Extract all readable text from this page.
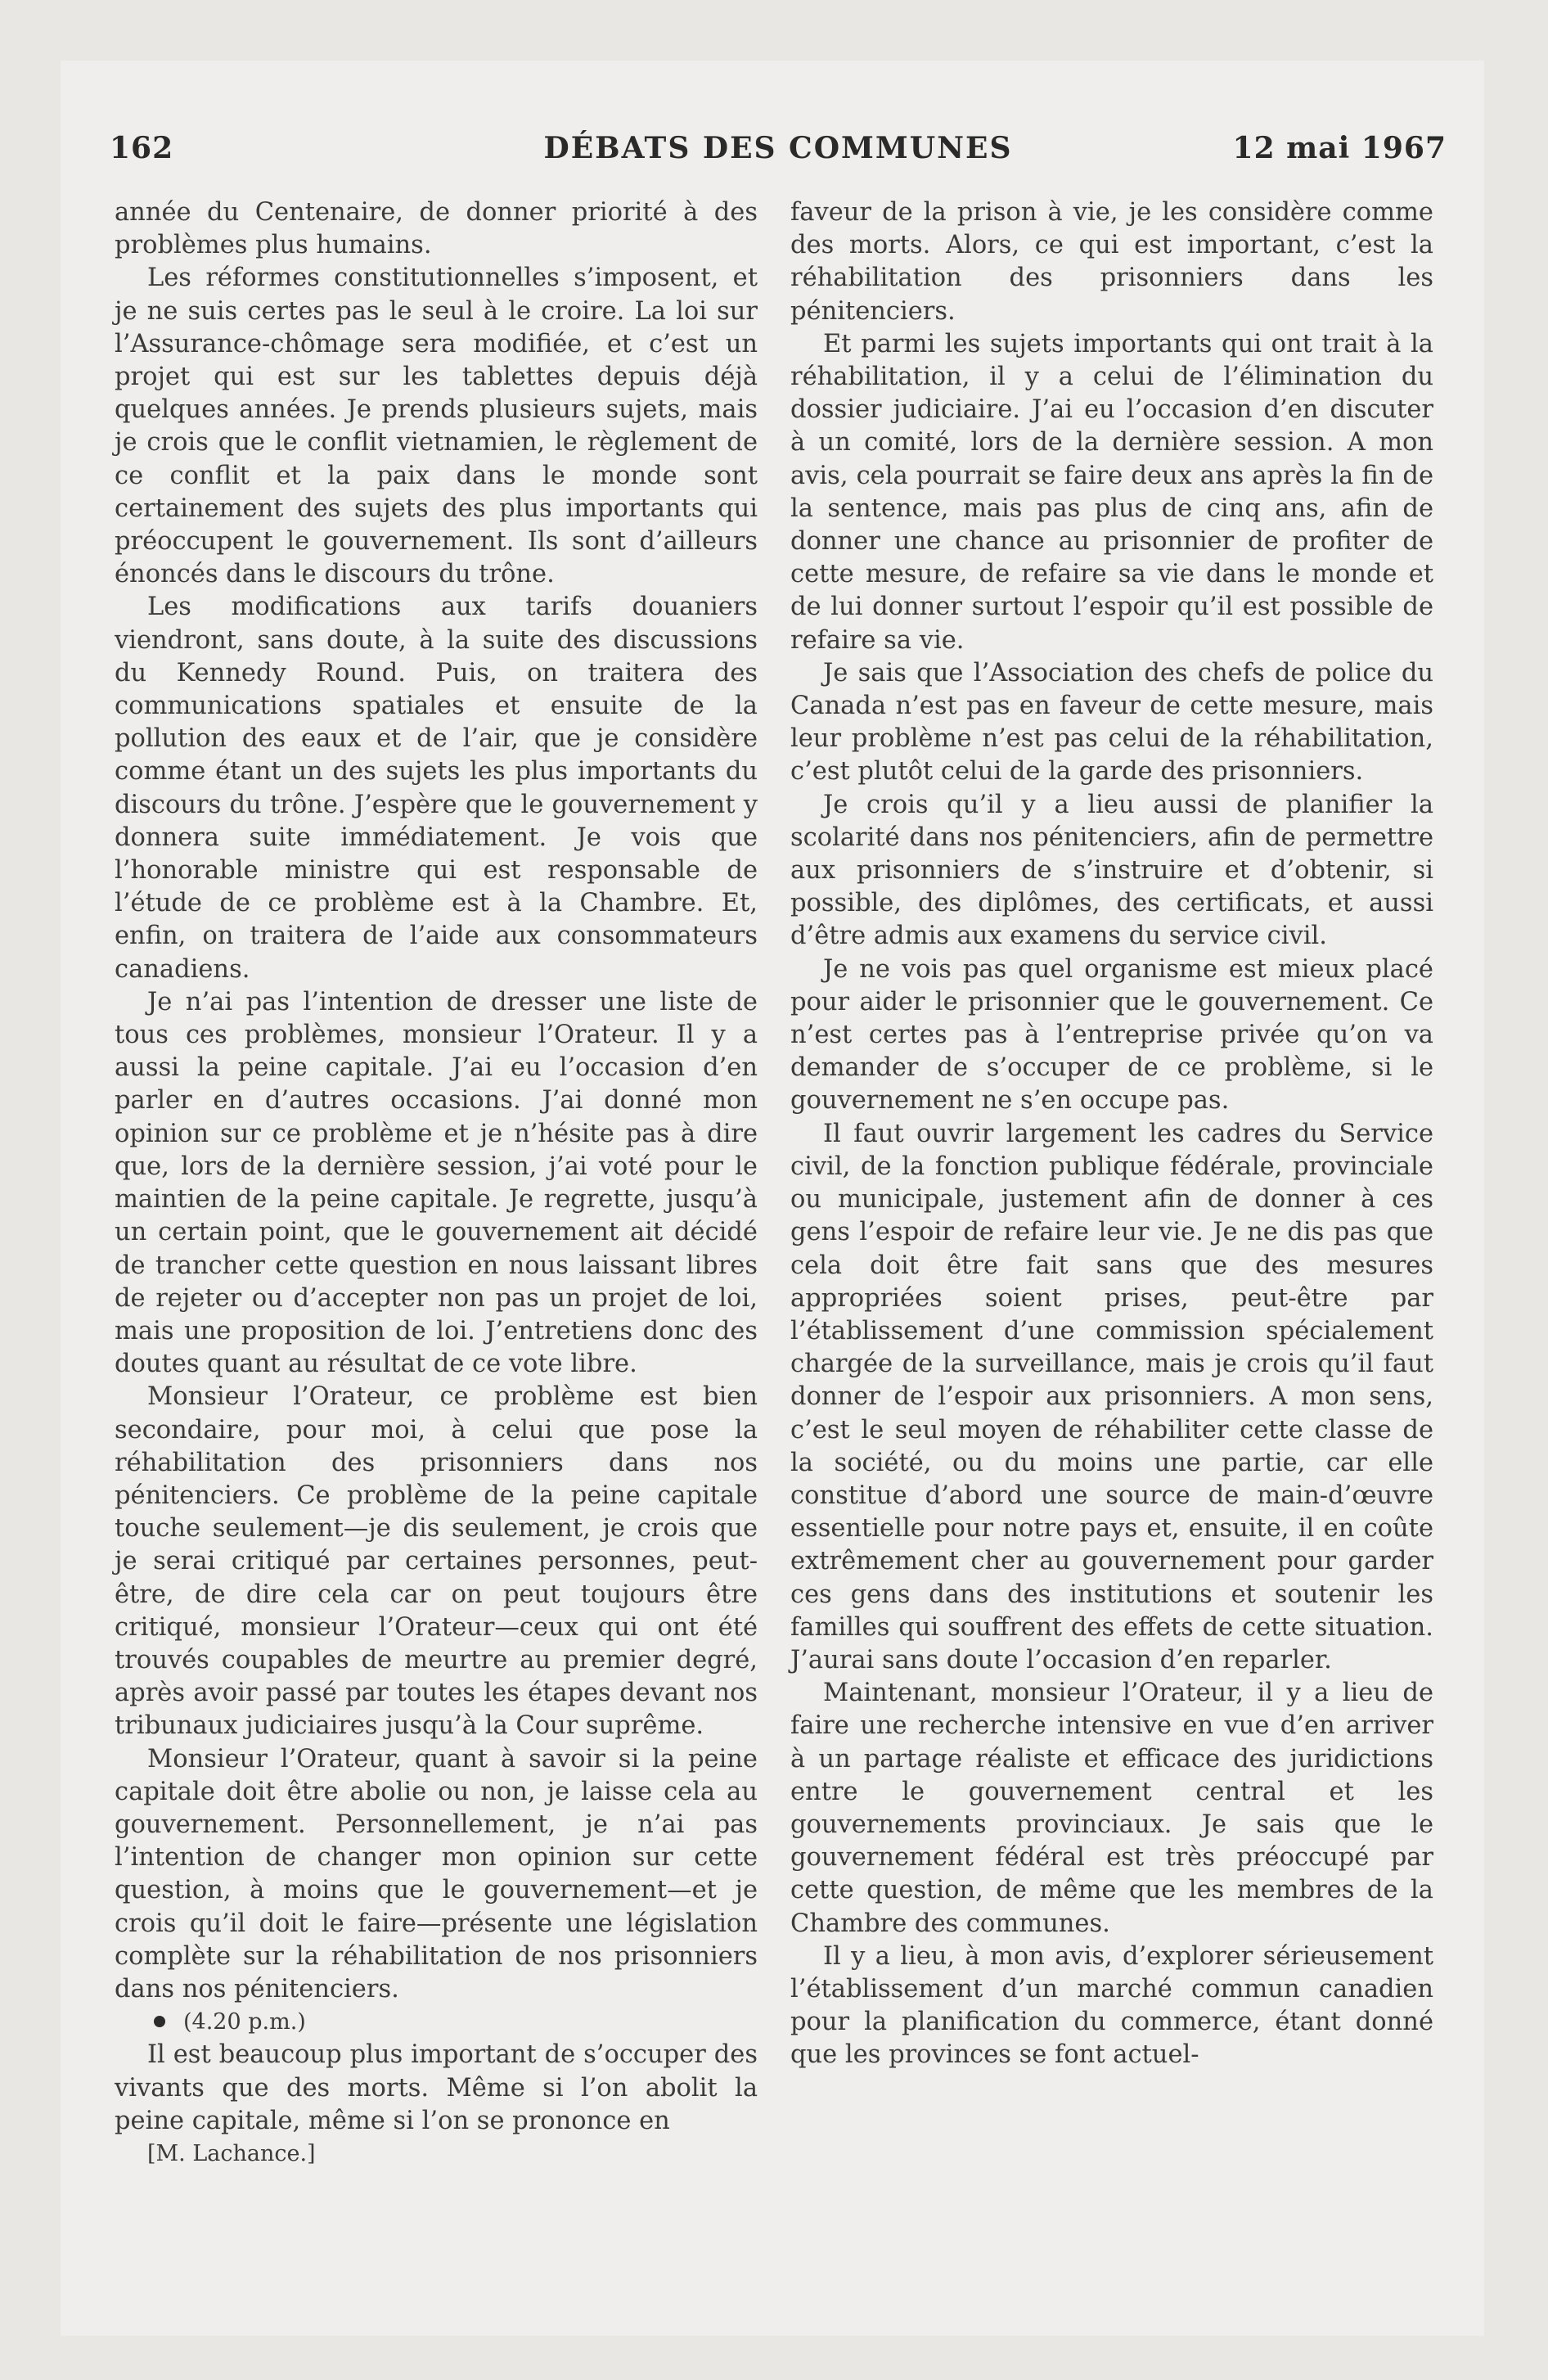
162	DÉBATS DES COMMUNES	12 mai 1967

année du Centenaire, de donner priorité à des problèmes plus humains.

Les réformes constitutionnelles s’imposent, et je ne suis certes pas le seul à le croire. La loi sur l’Assurance-chômage sera modifiée, et c’est un projet qui est sur les tablettes depuis déjà quelques années. Je prends plusieurs sujets, mais je crois que le conflit vietnamien, le règlement de ce conflit et la paix dans le monde sont certainement des sujets des plus importants qui préoccupent le gouvernement. Ils sont d’ailleurs énoncés dans le discours du trône.

Les modifications aux tarifs douaniers viendront, sans doute, à la suite des discussions du Kennedy Round. Puis, on traitera des communications spatiales et ensuite de la pollution des eaux et de l’air, que je considère comme étant un des sujets les plus importants du discours du trône. J’espère que le gouvernement y donnera suite immédiatement. Je vois que l’honorable ministre qui est responsable de l’étude de ce problème est à la Chambre. Et, enfin, on traitera de l’aide aux consommateurs canadiens.

Je n’ai pas l’intention de dresser une liste de tous ces problèmes, monsieur l’Orateur. Il y a aussi la peine capitale. J’ai eu l’occasion d’en parler en d’autres occasions. J’ai donné mon opinion sur ce problème et je n’hésite pas à dire que, lors de la dernière session, j’ai voté pour le maintien de la peine capitale. Je regrette, jusqu’à un certain point, que le gouvernement ait décidé de trancher cette question en nous laissant libres de rejeter ou d’accepter non pas un projet de loi, mais une proposition de loi. J’entretiens donc des doutes quant au résultat de ce vote libre.

Monsieur l’Orateur, ce problème est bien secondaire, pour moi, à celui que pose la réhabilitation des prisonniers dans nos pénitenciers. Ce problème de la peine capitale touche seulement—je dis seulement, je crois que je serai critiqué par certaines personnes, peut-être, de dire cela car on peut toujours être critiqué, monsieur l’Orateur—ceux qui ont été trouvés coupables de meurtre au premier degré, après avoir passé par toutes les étapes devant nos tribunaux judiciaires jusqu’à la Cour suprême.

Monsieur l’Orateur, quant à savoir si la peine capitale doit être abolie ou non, je laisse cela au gouvernement. Personnellement, je n’ai pas l’intention de changer mon opinion sur cette question, à moins que le gouvernement—et je crois qu’il doit le faire—présente une législation complète sur la réhabilitation de nos prisonniers dans nos pénitenciers.

(4.20 p.m.)

Il est beaucoup plus important de s’occuper des vivants que des morts. Même si l’on abolit la peine capitale, même si l’on se prononce en

[M. Lachance.]

faveur de la prison à vie, je les considère comme des morts. Alors, ce qui est important, c’est la réhabilitation des prisonniers dans les pénitenciers.

Et parmi les sujets importants qui ont trait à la réhabilitation, il y a celui de l’élimination du dossier judiciaire. J’ai eu l’occasion d’en discuter à un comité, lors de la dernière session. A mon avis, cela pourrait se faire deux ans après la fin de la sentence, mais pas plus de cinq ans, afin de donner une chance au prisonnier de profiter de cette mesure, de refaire sa vie dans le monde et de lui donner surtout l’espoir qu’il est possible de refaire sa vie.

Je sais que l’Association des chefs de police du Canada n’est pas en faveur de cette mesure, mais leur problème n’est pas celui de la réhabilitation, c’est plutôt celui de la garde des prisonniers.

Je crois qu’il y a lieu aussi de planifier la scolarité dans nos pénitenciers, afin de permettre aux prisonniers de s’instruire et d’obtenir, si possible, des diplômes, des certificats, et aussi d’être admis aux examens du service civil.

Je ne vois pas quel organisme est mieux placé pour aider le prisonnier que le gouvernement. Ce n’est certes pas à l’entreprise privée qu’on va demander de s’occuper de ce problème, si le gouvernement ne s’en occupe pas.

Il faut ouvrir largement les cadres du Service civil, de la fonction publique fédérale, provinciale ou municipale, justement afin de donner à ces gens l’espoir de refaire leur vie. Je ne dis pas que cela doit être fait sans que des mesures appropriées soient prises, peut-être par l’établissement d’une commission spécialement chargée de la surveillance, mais je crois qu’il faut donner de l’espoir aux prisonniers. A mon sens, c’est le seul moyen de réhabiliter cette classe de la société, ou du moins une partie, car elle constitue d’abord une source de main-d’œuvre essentielle pour notre pays et, ensuite, il en coûte extrêmement cher au gouvernement pour garder ces gens dans des institutions et soutenir les familles qui souffrent des effets de cette situation. J’aurai sans doute l’occasion d’en reparler.

Maintenant, monsieur l’Orateur, il y a lieu de faire une recherche intensive en vue d’en arriver à un partage réaliste et efficace des juridictions entre le gouvernement central et les gouvernements provinciaux. Je sais que le gouvernement fédéral est très préoccupé par cette question, de même que les membres de la Chambre des communes.

Il y a lieu, à mon avis, d’explorer sérieusement l’établissement d’un marché commun canadien pour la planification du commerce, étant donné que les provinces se font actuel-
